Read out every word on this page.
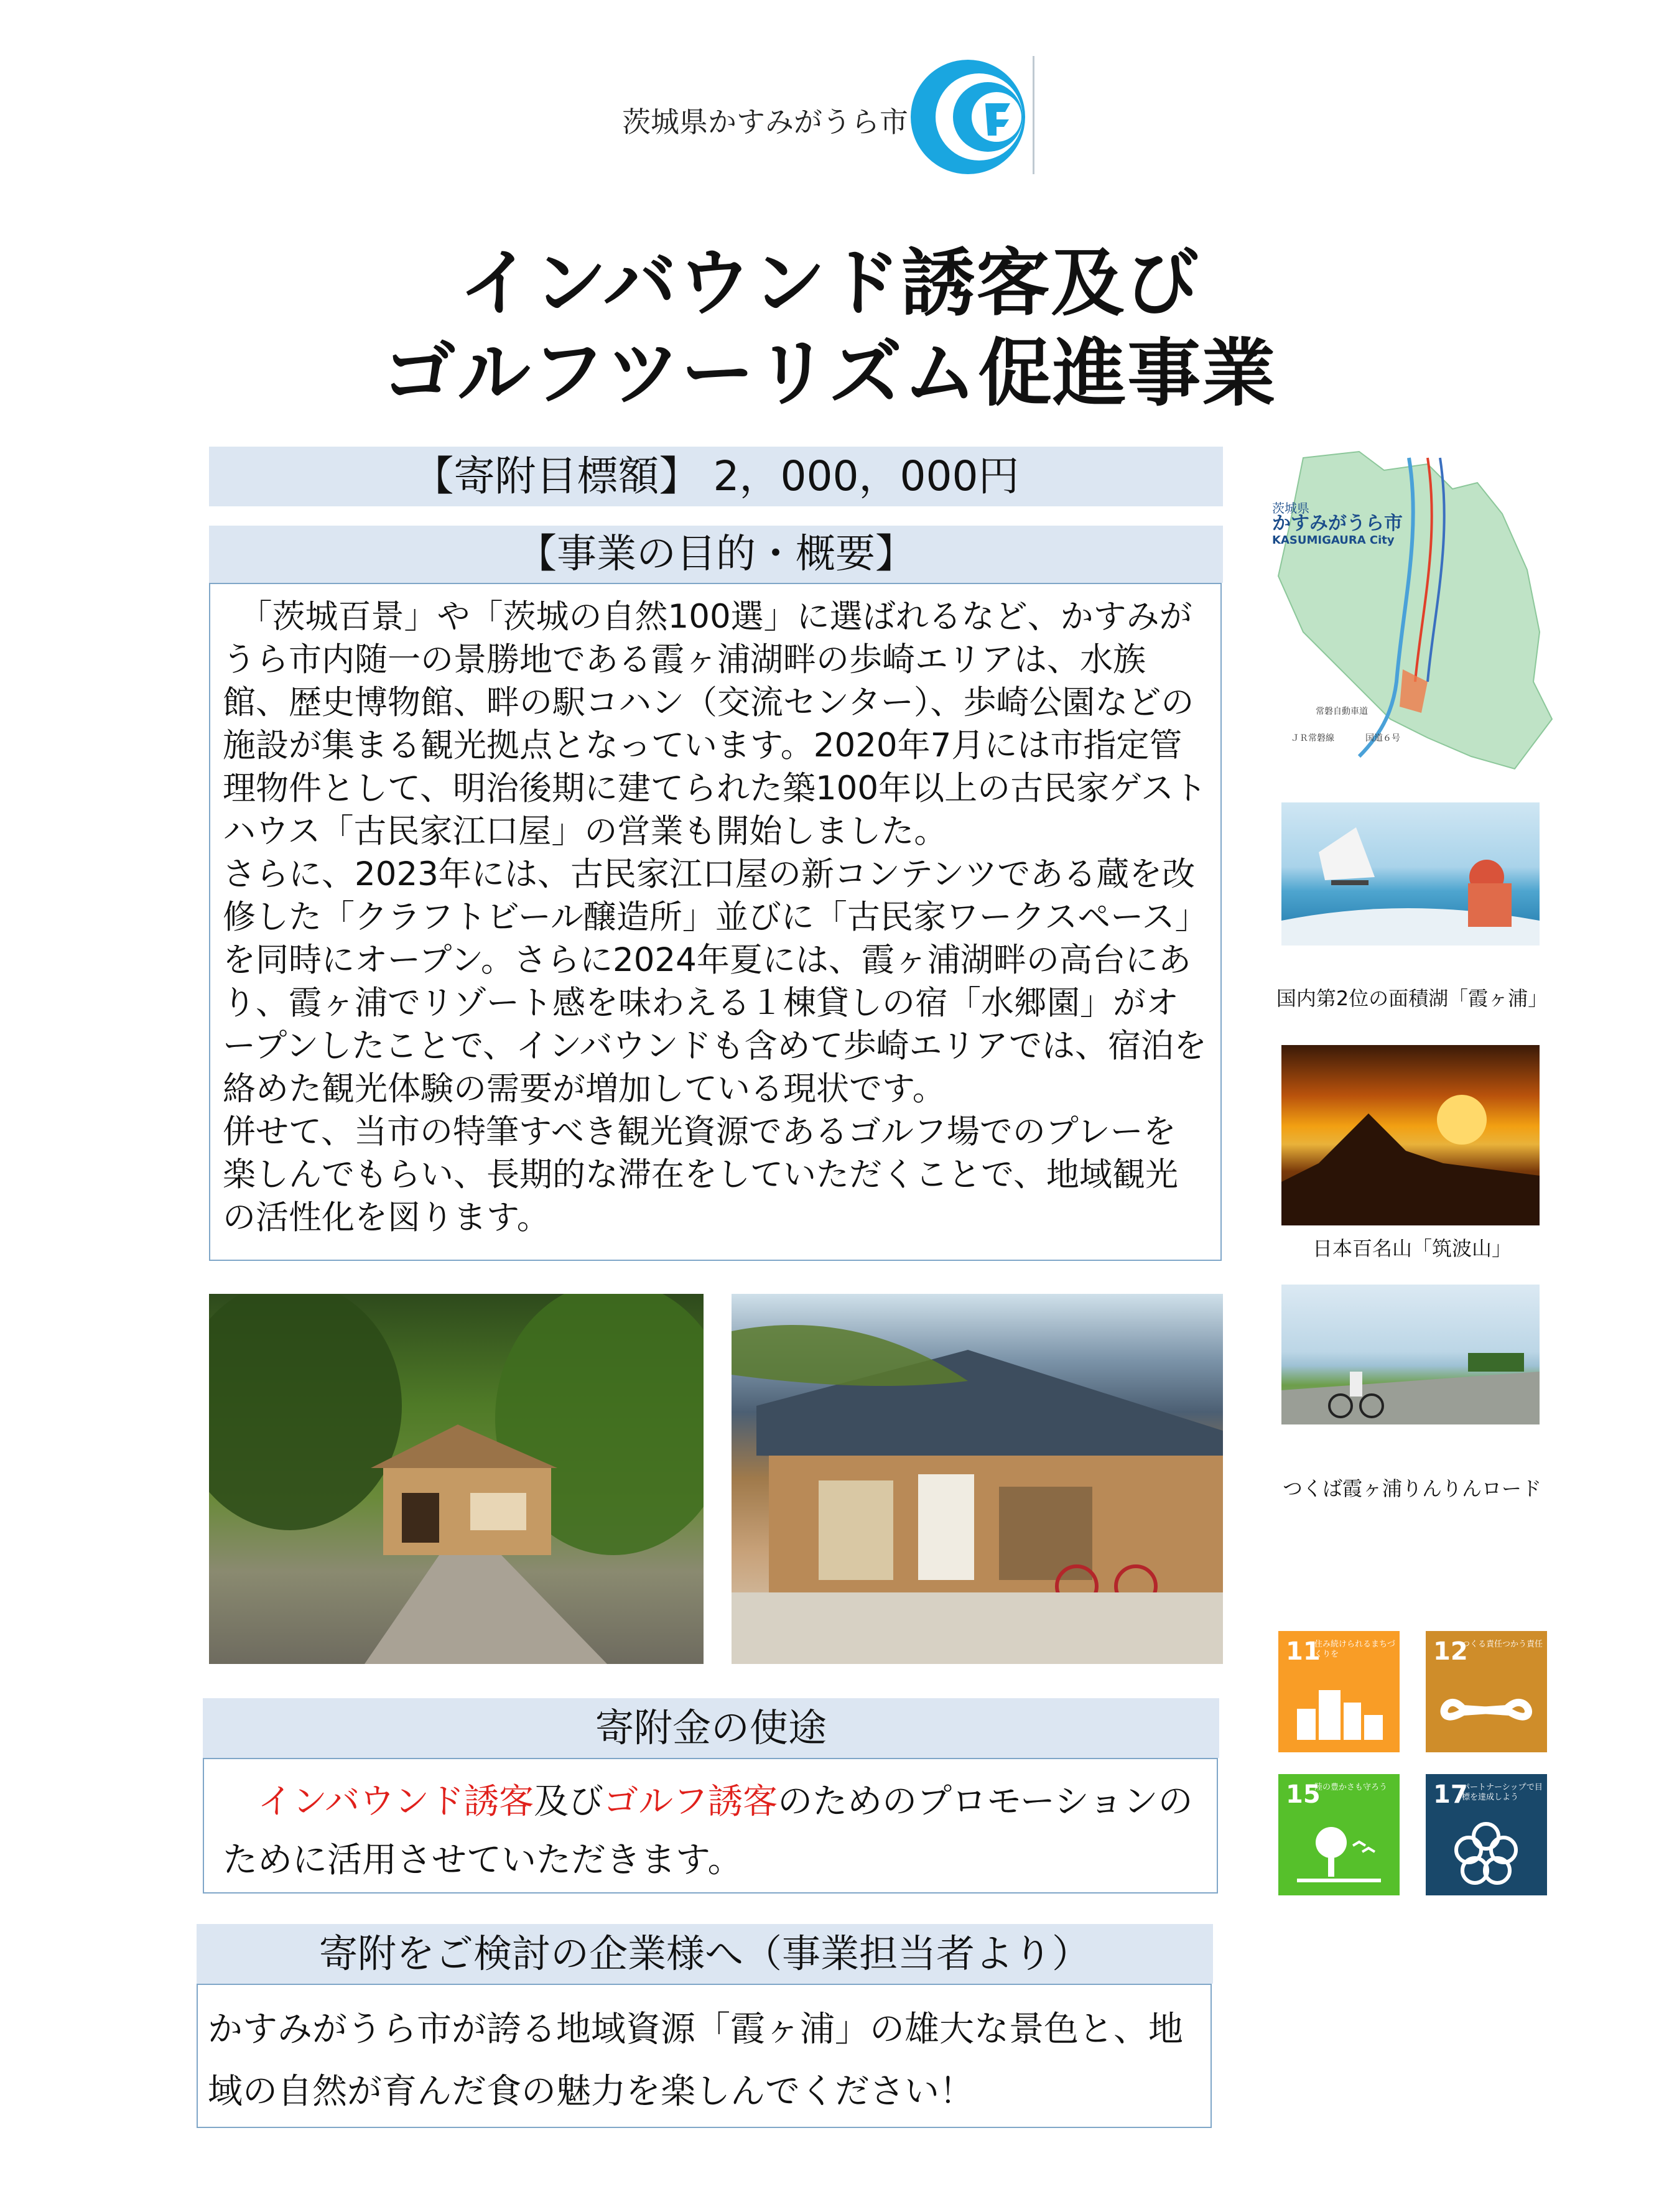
茨城県かすみがうら市
インバウンド誘客及び
ゴルフツーリズム促進事業
【寄附目標額】 2，000，000円
【事業の目的・概要】

「茨城百景」や「茨城の自然100選」に選ばれるなど、かすみがうら市内随一の景勝地である霞ヶ浦湖畔の歩崎エリアは、水族館、歴史博物館、畔の駅コハン（交流センター）、歩崎公園などの施設が集まる観光拠点となっています。2020年7月には市指定管理物件として、明治後期に建てられた築100年以上の古民家ゲストハウス「古民家江口屋」の営業も開始しました。

さらに、2023年には、古民家江口屋の新コンテンツである蔵を改修した「クラフトビール醸造所」並びに「古民家ワークスペース」を同時にオープン。さらに2024年夏には、霞ヶ浦湖畔の高台にあり、霞ヶ浦でリゾート感を味わえる１棟貸しの宿「水郷園」がオープンしたことで、インバウンドも含めて歩崎エリアでは、宿泊を絡めた観光体験の需要が増加している現状です。

併せて、当市の特筆すべき観光資源であるゴルフ場でのプレーを楽しんでもらい、長期的な滞在をしていただくことで、地域観光の活性化を図ります。

寄附金の使途
インバウンド誘客及びゴルフ誘客のためのプロモーションのために活用させていただきます。
寄附をご検討の企業様へ（事業担当者より）
かすみがうら市が誇る地域資源「霞ヶ浦」の雄大な景色と、地域の自然が育んだ食の魅力を楽しんでください！
茨城県
かすみがうら市
KASUMIGAURA City
常磐自動車道
ＪＲ常磐線	国道６号
国内第2位の面積湖「霞ヶ浦」
日本百名山「筑波山」
つくば霞ヶ浦りんりんロード
11
住み続けられるまちづくりを	12
つくる責任つかう責任
15
陸の豊かさも守ろう 17
パートナーシップで目標を達成しよう
